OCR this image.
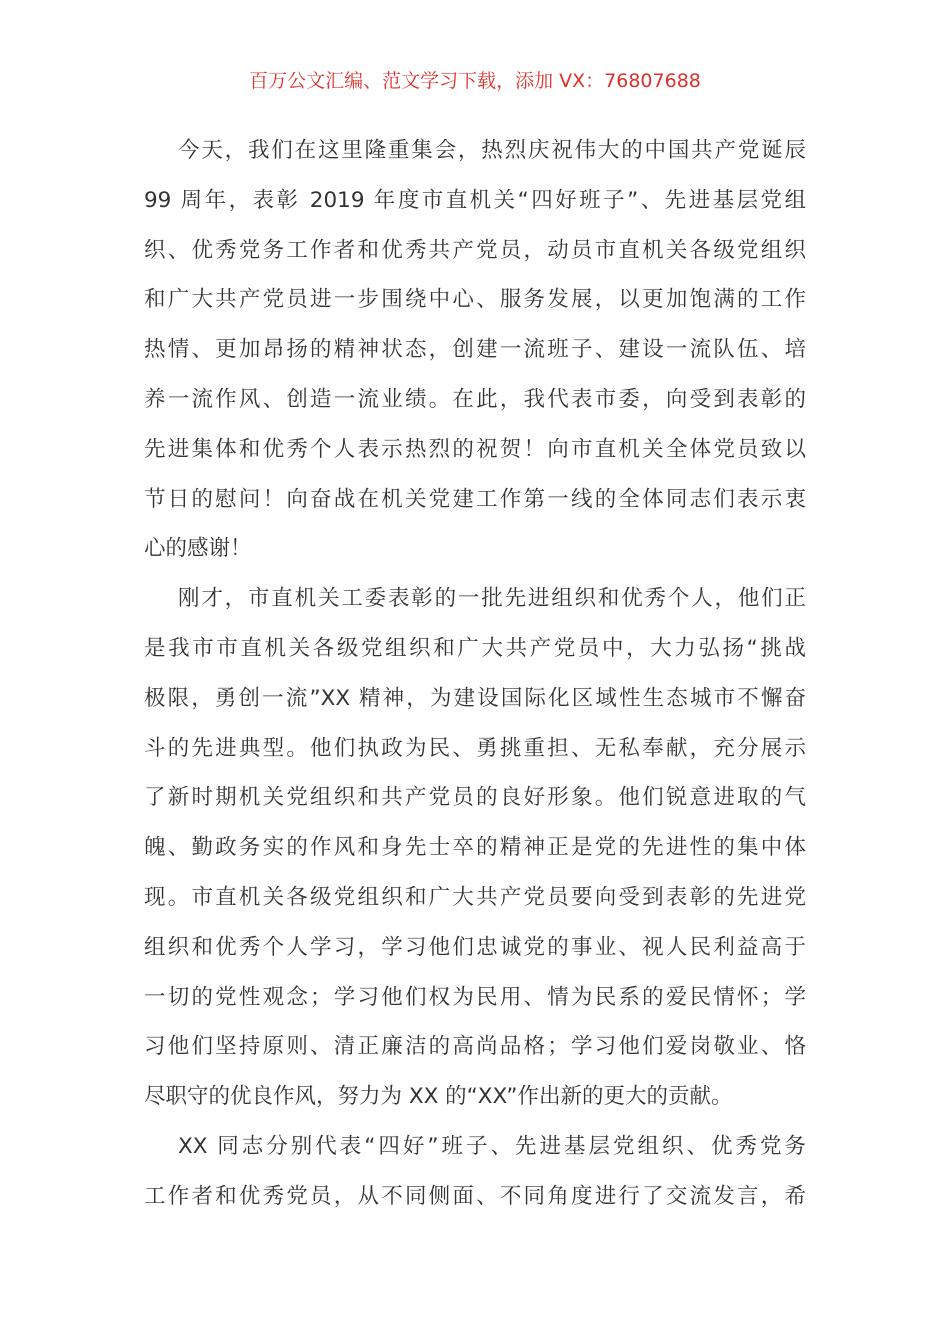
百万公文汇编、范文学习下载，添加 VX：76807688
今天，我们在这里隆重集会，热烈庆祝伟大的中国共产党诞辰
99 周年，表彰 2019 年度市直机关“四好班子”、先进基层党组
织、优秀党务工作者和优秀共产党员，动员市直机关各级党组织
和广大共产党员进一步围绕中心、服务发展，以更加饱满的工作
热情、更加昂扬的精神状态，创建一流班子、建设一流队伍、培
养一流作风、创造一流业绩。在此，我代表市委，向受到表彰的
先进集体和优秀个人表示热烈的祝贺！向市直机关全体党员致以
节日的慰问！向奋战在机关党建工作第一线的全体同志们表示衷
心的感谢！
刚才，市直机关工委表彰的一批先进组织和优秀个人，他们正
是我市市直机关各级党组织和广大共产党员中，大力弘扬“挑战
极限，勇创一流”XX 精神，为建设国际化区域性生态城市不懈奋
斗的先进典型。他们执政为民、勇挑重担、无私奉献，充分展示
了新时期机关党组织和共产党员的良好形象。他们锐意进取的气
魄、勤政务实的作风和身先士卒的精神正是党的先进性的集中体
现。市直机关各级党组织和广大共产党员要向受到表彰的先进党
组织和优秀个人学习，学习他们忠诚党的事业、视人民利益高于
一切的党性观念；学习他们权为民用、情为民系的爱民情怀；学
习他们坚持原则、清正廉洁的高尚品格；学习他们爱岗敬业、恪
尽职守的优良作风，努力为 XX 的“XX”作出新的更大的贡献。
XX 同志分别代表“四好”班子、先进基层党组织、优秀党务
工作者和优秀党员，从不同侧面、不同角度进行了交流发言，希
